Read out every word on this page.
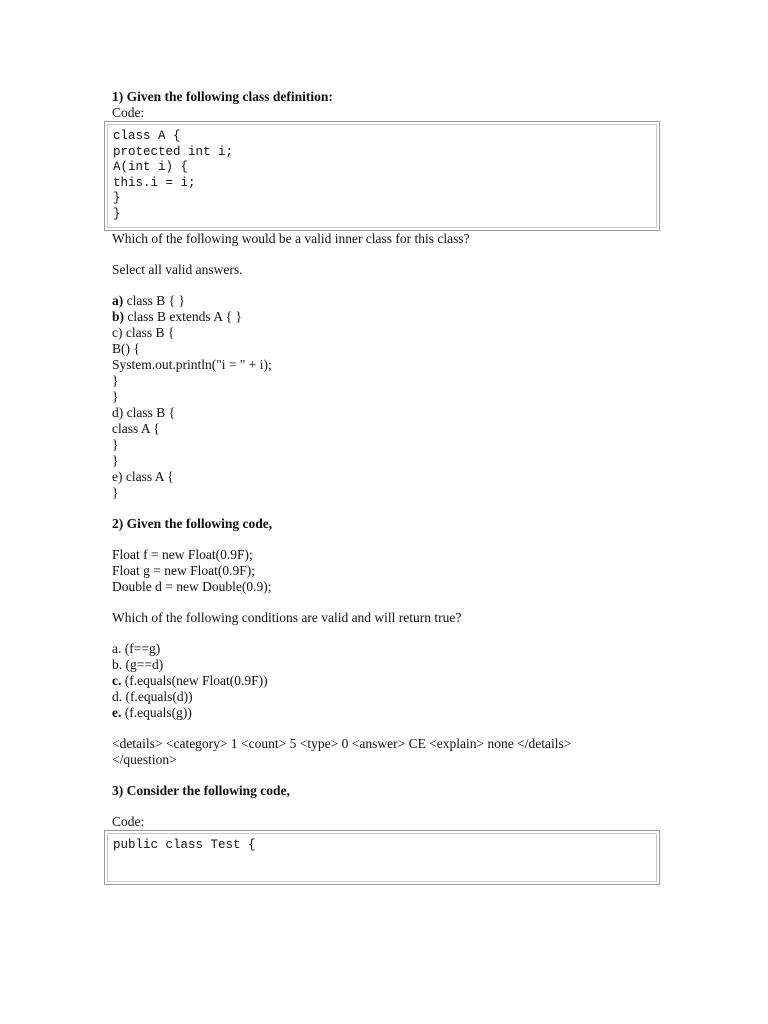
1) Given the following class definition:
Code:
class A {
protected int i;
A(int i) {
this.i = i;
}
}
Which of the following would be a valid inner class for this class?
Select all valid answers.
a) class B { }
b) class B extends A { }
c) class B {
B() {
System.out.println("i = " + i);
}
}
d) class B {
class A {
}
}
e) class A {
}
2) Given the following code,
Float f = new Float(0.9F);
Float g = new Float(0.9F);
Double d = new Double(0.9);
Which of the following conditions are valid and will return true?
a. (f==g)
b. (g==d)
c. (f.equals(new Float(0.9F))
d. (f.equals(d))
e. (f.equals(g))
<details> <category> 1 <count> 5 <type> 0 <answer> CE <explain> none </details>
</question>
3) Consider the following code,
Code:
public class Test {
